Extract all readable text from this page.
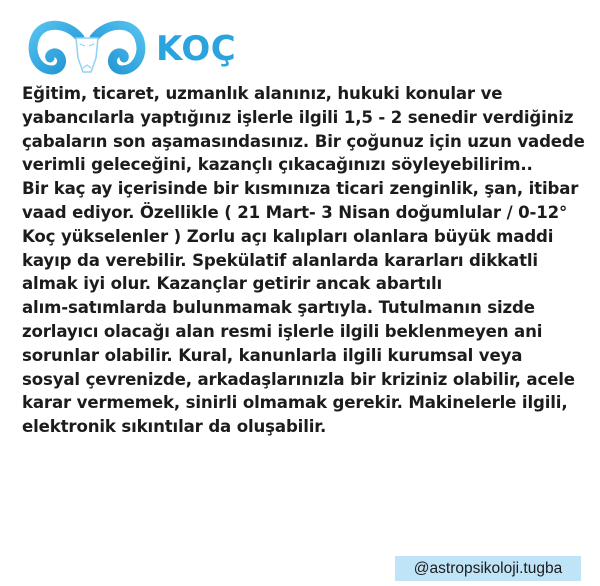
KOÇ

Eğitim, ticaret, uzmanlık alanınız, hukuki konular ve
yabancılarla yaptığınız işlerle ilgili 1,5 - 2 senedir verdiğiniz
çabaların son aşamasındasınız. Bir çoğunuz için uzun vadede
verimli geleceğini, kazançlı çıkacağınızı söyleyebilirim..
Bir kaç ay içerisinde bir kısmınıza ticari zenginlik, şan, itibar
vaad ediyor. Özellikle ( 21 Mart- 3 Nisan doğumlular / 0-12°
Koç yükselenler ) Zorlu açı kalıpları olanlara büyük maddi
kayıp da verebilir. Spekülatif alanlarda kararları dikkatli
almak iyi olur. Kazançlar getirir ancak abartılı
alım-satımlarda bulunmamak şartıyla. Tutulmanın sizde
zorlayıcı olacağı alan resmi işlerle ilgili beklenmeyen ani
sorunlar olabilir. Kural, kanunlarla ilgili kurumsal veya
sosyal çevrenizde, arkadaşlarınızla bir kriziniz olabilir, acele
karar vermemek, sinirli olmamak gerekir. Makinelerle ilgili,
elektronik sıkıntılar da oluşabilir.

@astropsikoloji.tugba
